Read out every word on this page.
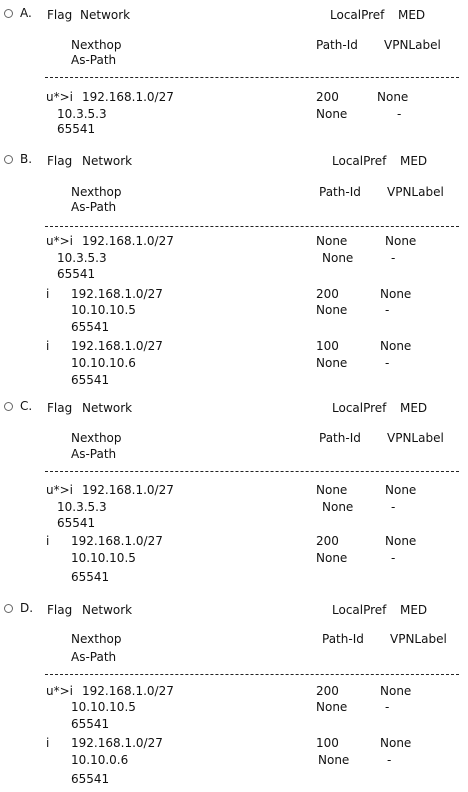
A. Flag Network	LocalPref MED
Nexthop	Path-Id VPNLabel
As-Path
u*>i 192.168.1.0/27	200	None
10.3.5.3	None	-
65541
B. Flag Network	LocalPref MED
Nexthop	Path-Id VPNLabel
As-Path
u*>i 192.168.1.0/27	None	None
10.3.5.3	None	-
65541
i 192.168.1.0/27	200	None
10.10.10.5	None	-
65541
i 192.168.1.0/27	100	None
10.10.10.6	None	-
65541
C. Flag Network	LocalPref MED
Nexthop	Path-Id VPNLabel
As-Path
u*>i 192.168.1.0/27	None	None
10.3.5.3	None	-
65541
i 192.168.1.0/27	200	None
10.10.10.5	None	-
65541
D. Flag Network	LocalPref MED
Nexthop	Path-Id VPNLabel
As-Path
u*>i 192.168.1.0/27	200	None
10.10.10.5	None	-
65541
i 192.168.1.0/27	100	None
10.10.0.6	None	-
65541
